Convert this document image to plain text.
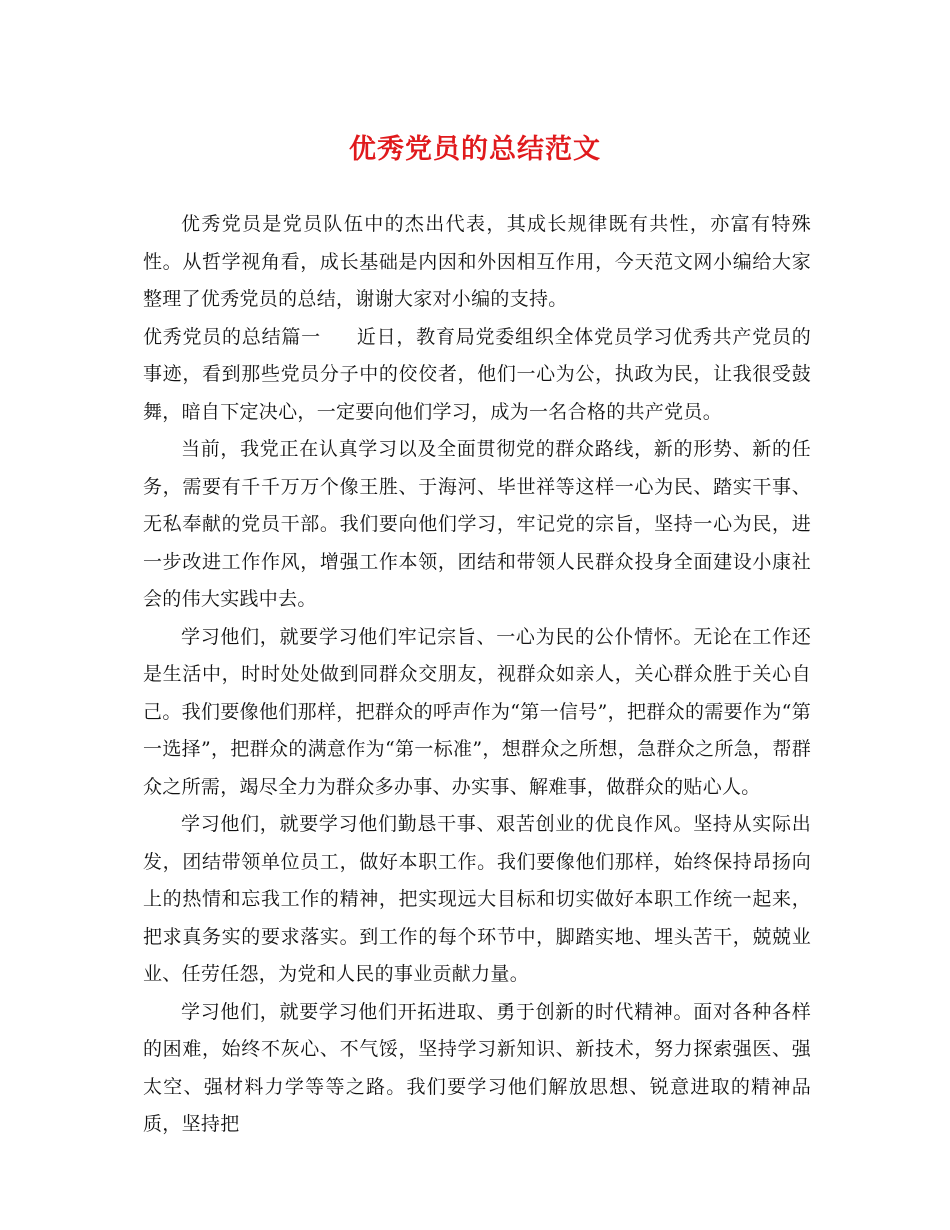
优秀党员的总结范文

优秀党员是党员队伍中的杰出代表，其成长规律既有共性，亦富有特殊性。从哲学视角看，成长基础是内因和外因相互作用，今天范文网小编给大家整理了优秀党员的总结，谢谢大家对小编的支持。

优秀党员的总结篇一 近日，教育局党委组织全体党员学习优秀共产党员的事迹，看到那些党员分子中的佼佼者，他们一心为公，执政为民，让我很受鼓舞，暗自下定决心，一定要向他们学习，成为一名合格的共产党员。

当前，我党正在认真学习以及全面贯彻党的群众路线，新的形势、新的任务，需要有千千万万个像王胜、于海河、毕世祥等这样一心为民、踏实干事、无私奉献的党员干部。我们要向他们学习，牢记党的宗旨，坚持一心为民，进一步改进工作作风，增强工作本领，团结和带领人民群众投身全面建设小康社会的伟大实践中去。

学习他们，就要学习他们牢记宗旨、一心为民的公仆情怀。无论在工作还是生活中，时时处处做到同群众交朋友，视群众如亲人，关心群众胜于关心自己。我们要像他们那样，把群众的呼声作为“第一信号”，把群众的需要作为“第一选择”，把群众的满意作为“第一标准”，想群众之所想，急群众之所急，帮群众之所需，竭尽全力为群众多办事、办实事、解难事，做群众的贴心人。

学习他们，就要学习他们勤恳干事、艰苦创业的优良作风。坚持从实际出发，团结带领单位员工，做好本职工作。我们要像他们那样，始终保持昂扬向上的热情和忘我工作的精神，把实现远大目标和切实做好本职工作统一起来，把求真务实的要求落实。到工作的每个环节中，脚踏实地、埋头苦干，兢兢业业、任劳任怨，为党和人民的事业贡献力量。

学习他们，就要学习他们开拓进取、勇于创新的时代精神。面对各种各样的困难，始终不灰心、不气馁，坚持学习新知识、新技术，努力探索强医、强太空、强材料力学等等之路。我们要学习他们解放思想、锐意进取的精神品质，坚持把
